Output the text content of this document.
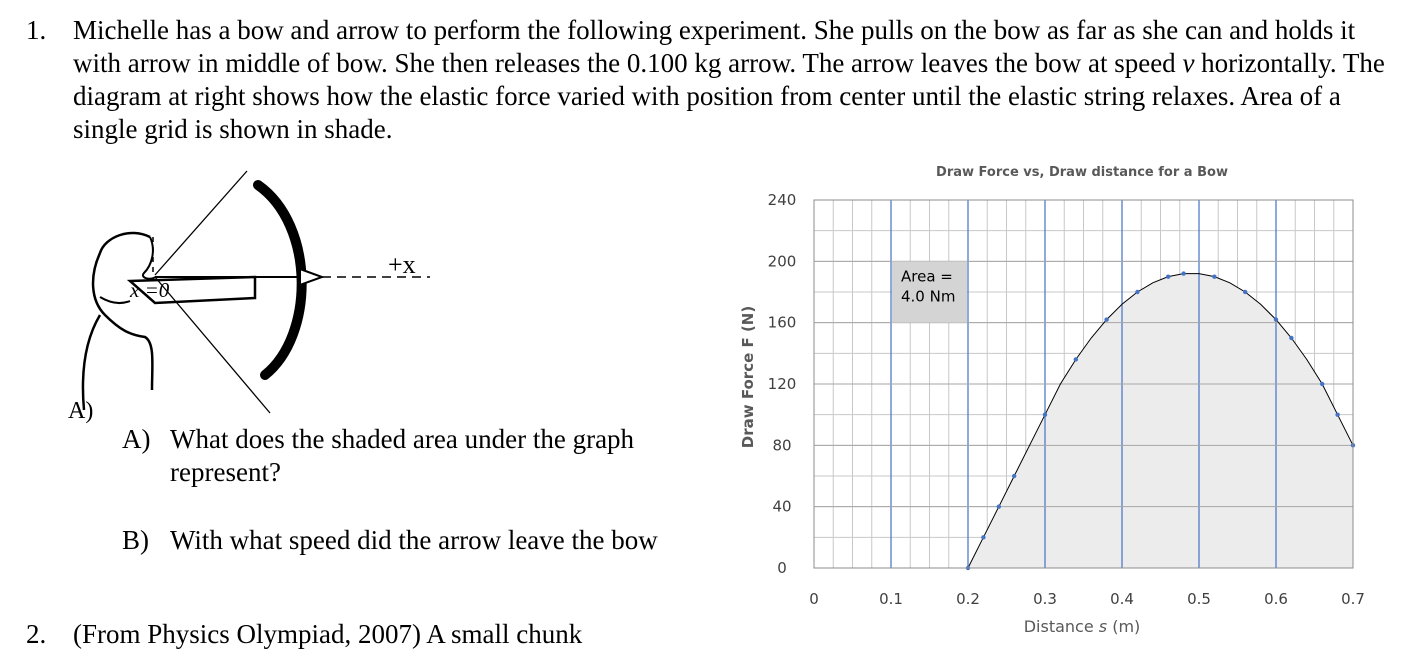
1. Michelle has a bow and arrow to perform the following experiment. She pulls on the bow as far as she can and holds it with arrow in middle of bow. She then releases the 0.100 kg arrow. The arrow leaves the bow at speed v horizontally. The diagram at right shows how the elastic force varied with position from center until the elastic string relaxes. Area of a single grid is shown in shade.
x =0
+x
A)
A) What does the shaded area under the graph
represent?
B) With what speed did the arrow leave the bow
2. (From Physics Olympiad, 2007) A small chunk
Area =
4.0 Nm
0	0.1	0.2	0.3	0.4	0.5	0.6	0.7
0
40
80
120
160
200
240
Draw Force vs, Draw distance for a Bow
Draw Force F (N)
Distance s (m)
